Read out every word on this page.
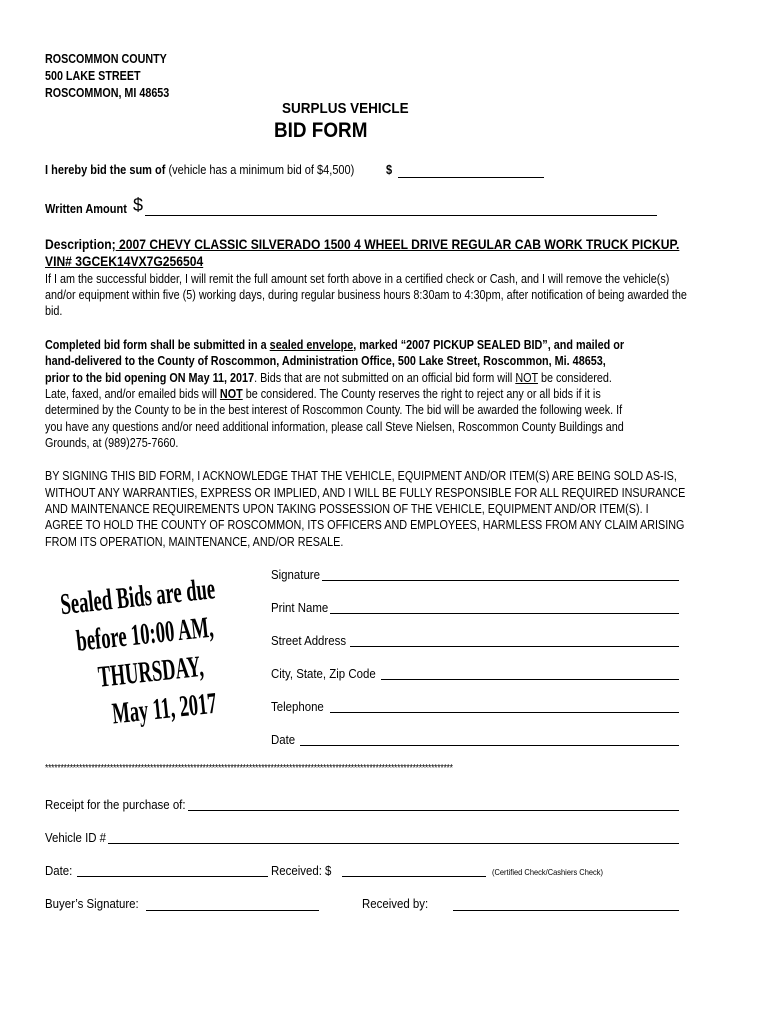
ROSCOMMON COUNTY
500 LAKE STREET
ROSCOMMON, MI 48653
SURPLUS VEHICLE
BID FORM
I hereby bid the sum of (vehicle has a minimum bid of $4,500)	$
Written Amount $
Description; 2007 CHEVY CLASSIC SILVERADO 1500 4 WHEEL DRIVE REGULAR CAB WORK TRUCK PICKUP.
VIN# 3GCEK14VX7G256504
If I am the successful bidder, I will remit the full amount set forth above in a certified check or Cash, and I will remove the vehicle(s)
and/or equipment within five (5) working days, during regular business hours 8:30am to 4:30pm, after notification of being awarded the
bid.
Completed bid form shall be submitted in a sealed envelope, marked “2007 PICKUP SEALED BID”, and mailed or
hand-delivered to the County of Roscommon, Administration Office, 500 Lake Street, Roscommon, Mi. 48653,
prior to the bid opening ON May 11, 2017. Bids that are not submitted on an official bid form will NOT be considered.
Late, faxed, and/or emailed bids will NOT be considered. The County reserves the right to reject any or all bids if it is
determined by the County to be in the best interest of Roscommon County. The bid will be awarded the following week. If
you have any questions and/or need additional information, please call Steve Nielsen, Roscommon County Buildings and
Grounds, at (989)275-7660.
BY SIGNING THIS BID FORM, I ACKNOWLEDGE THAT THE VEHICLE, EQUIPMENT AND/OR ITEM(S) ARE BEING SOLD AS-IS,
WITHOUT ANY WARRANTIES, EXPRESS OR IMPLIED, AND I WILL BE FULLY RESPONSIBLE FOR ALL REQUIRED INSURANCE
AND MAINTENANCE REQUIREMENTS UPON TAKING POSSESSION OF THE VEHICLE, EQUIPMENT AND/OR ITEM(S). I
AGREE TO HOLD THE COUNTY OF ROSCOMMON, ITS OFFICERS AND EMPLOYEES, HARMLESS FROM ANY CLAIM ARISING
FROM ITS OPERATION, MAINTENANCE, AND/OR RESALE.
Sealed Bids are due
before 10:00 AM,
THURSDAY,
May 11, 2017
Signature
Print Name
Street Address
City, State, Zip Code
Telephone
Date
************************************************************************************************************************************
Receipt for the purchase of:
Vehicle ID #
Date:	Received: $	(Certified Check/Cashiers Check)
Buyer’s Signature:	Received by:
